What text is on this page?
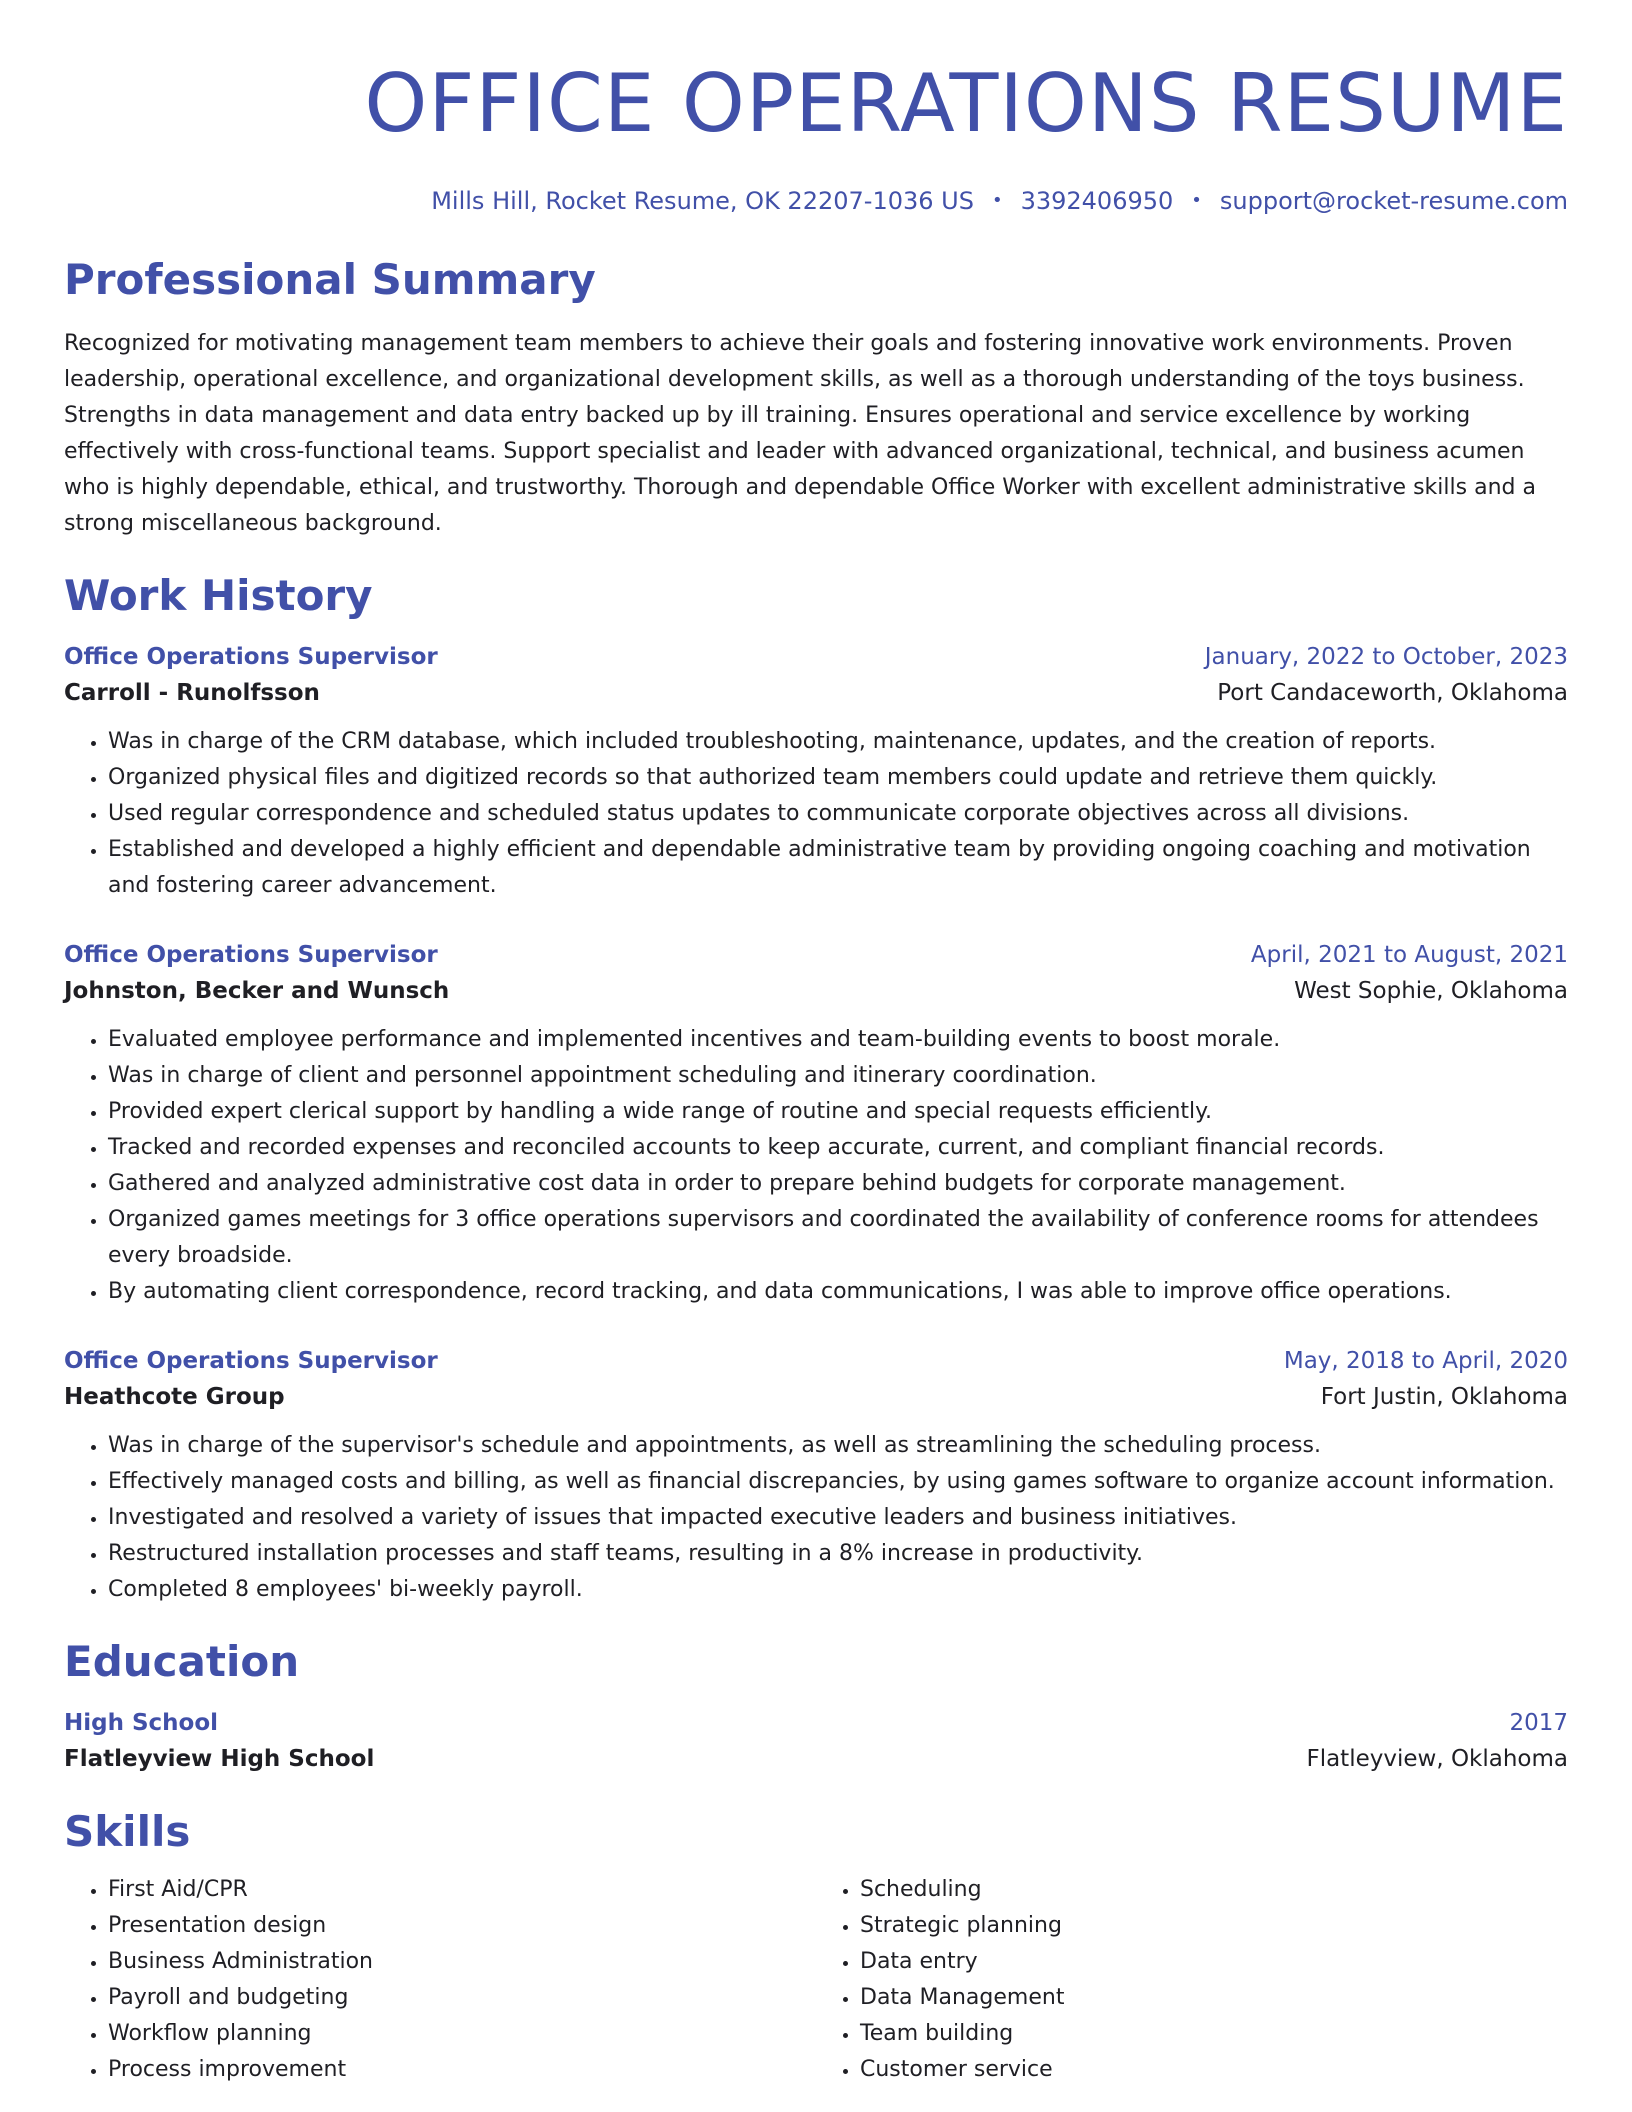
OFFICE OPERATIONS RESUME
Mills Hill, Rocket Resume, OK 22207-1036 US • 3392406950 • support@rocket-resume.com
Professional Summary

Recognized for motivating management team members to achieve their goals and fostering innovative work environments. Proven leadership, operational excellence, and organizational development skills, as well as a thorough understanding of the toys business. Strengths in data management and data entry backed up by ill training. Ensures operational and service excellence by working effectively with cross-functional teams. Support specialist and leader with advanced organizational, technical, and business acumen who is highly dependable, ethical, and trustworthy. Thorough and dependable Office Worker with excellent administrative skills and a strong miscellaneous background.

Work History
Office Operations Supervisor	January, 2022 to October, 2023
Carroll - Runolfsson	Port Candaceworth, Oklahoma
• Was in charge of the CRM database, which included troubleshooting, maintenance, updates, and the creation of reports.
• Organized physical files and digitized records so that authorized team members could update and retrieve them quickly.
• Used regular correspondence and scheduled status updates to communicate corporate objectives across all divisions.
• Established and developed a highly efficient and dependable administrative team by providing ongoing coaching and motivation and fostering career advancement.
Office Operations Supervisor	April, 2021 to August, 2021
Johnston, Becker and Wunsch	West Sophie, Oklahoma
• Evaluated employee performance and implemented incentives and team-building events to boost morale.
• Was in charge of client and personnel appointment scheduling and itinerary coordination.
• Provided expert clerical support by handling a wide range of routine and special requests efficiently.
• Tracked and recorded expenses and reconciled accounts to keep accurate, current, and compliant financial records.
• Gathered and analyzed administrative cost data in order to prepare behind budgets for corporate management.
• Organized games meetings for 3 office operations supervisors and coordinated the availability of conference rooms for attendees every broadside.
• By automating client correspondence, record tracking, and data communications, I was able to improve office operations.
Office Operations Supervisor	May, 2018 to April, 2020
Heathcote Group	Fort Justin, Oklahoma
• Was in charge of the supervisor's schedule and appointments, as well as streamlining the scheduling process.
• Effectively managed costs and billing, as well as financial discrepancies, by using games software to organize account information.
• Investigated and resolved a variety of issues that impacted executive leaders and business initiatives.
• Restructured installation processes and staff teams, resulting in a 8% increase in productivity.
• Completed 8 employees' bi-weekly payroll.
Education
High School	2017
Flatleyview High School	Flatleyview, Oklahoma
Skills
• First Aid/CPR
• Presentation design
• Business Administration
• Payroll and budgeting
• Workflow planning
• Process improvement
• Scheduling
• Strategic planning
• Data entry
• Data Management
• Team building
• Customer service
